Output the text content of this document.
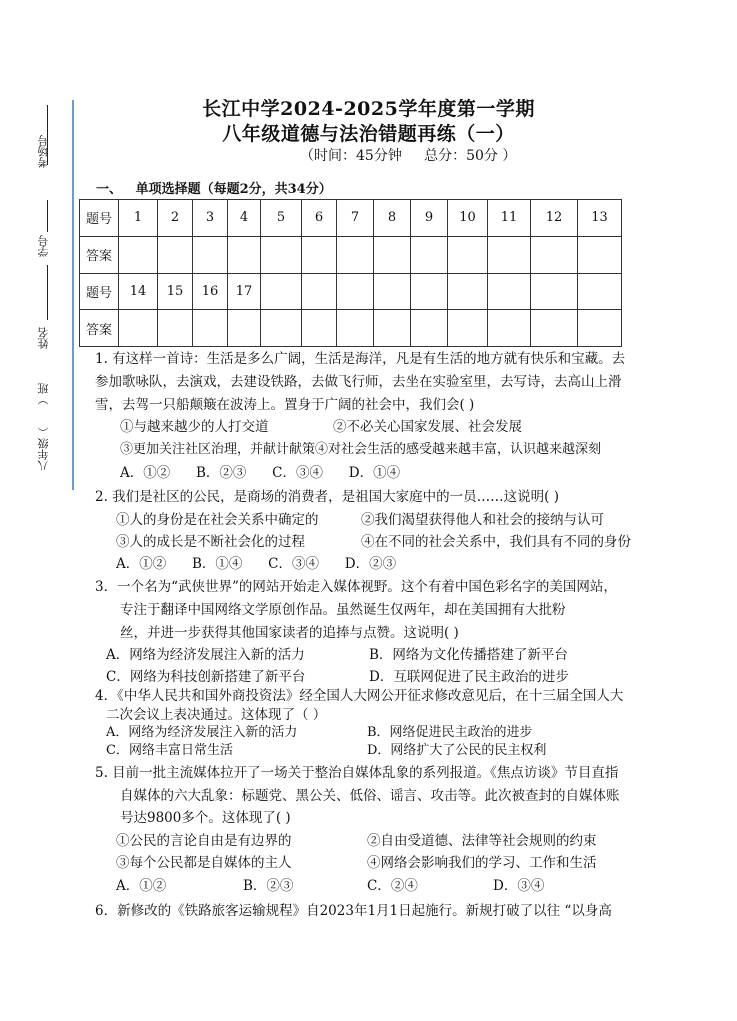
考场号
学号
姓名
）班
八年级（
长江中学2024-2025学年度第一学期
八年级道德与法治错题再练（一）
（时间：45分钟     总分：50分 ）
一、 单项选择题（每题2分，共34分）
题号	1	2	3	4	5	6	7	8	9	10	11	12	13
答案													
题号	14	15	16	17									
答案													
1. 有这样一首诗：生活是多么广阔，生活是海洋，凡是有生活的地方就有快乐和宝藏。去
参加歌咏队，去演戏，去建设铁路，去做飞行师，去坐在实验室里，去写诗，去高山上滑
雪，去驾一只船颠簸在波涛上。置身于广阔的社会中，我们会( )
①与越来越少的人打交道	②不必关心国家发展、社会发展
③更加关注社区治理，并献计献策④对社会生活的感受越来越丰富，认识越来越深刻
A．①②      B．②③      C．③④      D．①④
2. 我们是社区的公民，是商场的消费者，是祖国大家庭中的一员……这说明( )
①人的身份是在社会关系中确定的	②我们渴望获得他人和社会的接纳与认可
③人的成长是不断社会化的过程	④在不同的社会关系中，我们具有不同的身份
A．①②      B．①④      C．③④      D．②③
3．一个名为“武侠世界”的网站开始走入媒体视野。这个有着中国色彩名字的美国网站，
专注于翻译中国网络文学原创作品。虽然诞生仅两年，却在美国拥有大批粉
丝，并进一步获得其他国家读者的追捧与点赞。这说明( )
A．网络为经济发展注入新的活力	B．网络为文化传播搭建了新平台
C．网络为科技创新搭建了新平台	D．互联网促进了民主政治的进步
4．《中华人民共和国外商投资法》经全国人大网公开征求修改意见后，在十三届全国人大
二次会议上表决通过。这体现了（ ）
A．网络为经济发展注入新的活力	B．网络促进民主政治的进步
C．网络丰富日常生活	D．网络扩大了公民的民主权利
5. 目前一批主流媒体拉开了一场关于整治自媒体乱象的系列报道。《焦点访谈》节目直指
自媒体的六大乱象：标题党、黑公关、低俗、谣言、攻击等。此次被查封的自媒体账
号达9800多个。这体现了( )
①公民的言论自由是有边界的	②自由受道德、法律等社会规则的约束
③每个公民都是自媒体的主人	④网络会影响我们的学习、工作和生活
A．①②	B．②③	C．②④	D．③④
6．新修改的《铁路旅客运输规程》自2023年1月1日起施行。新规打破了以往 “以身高
